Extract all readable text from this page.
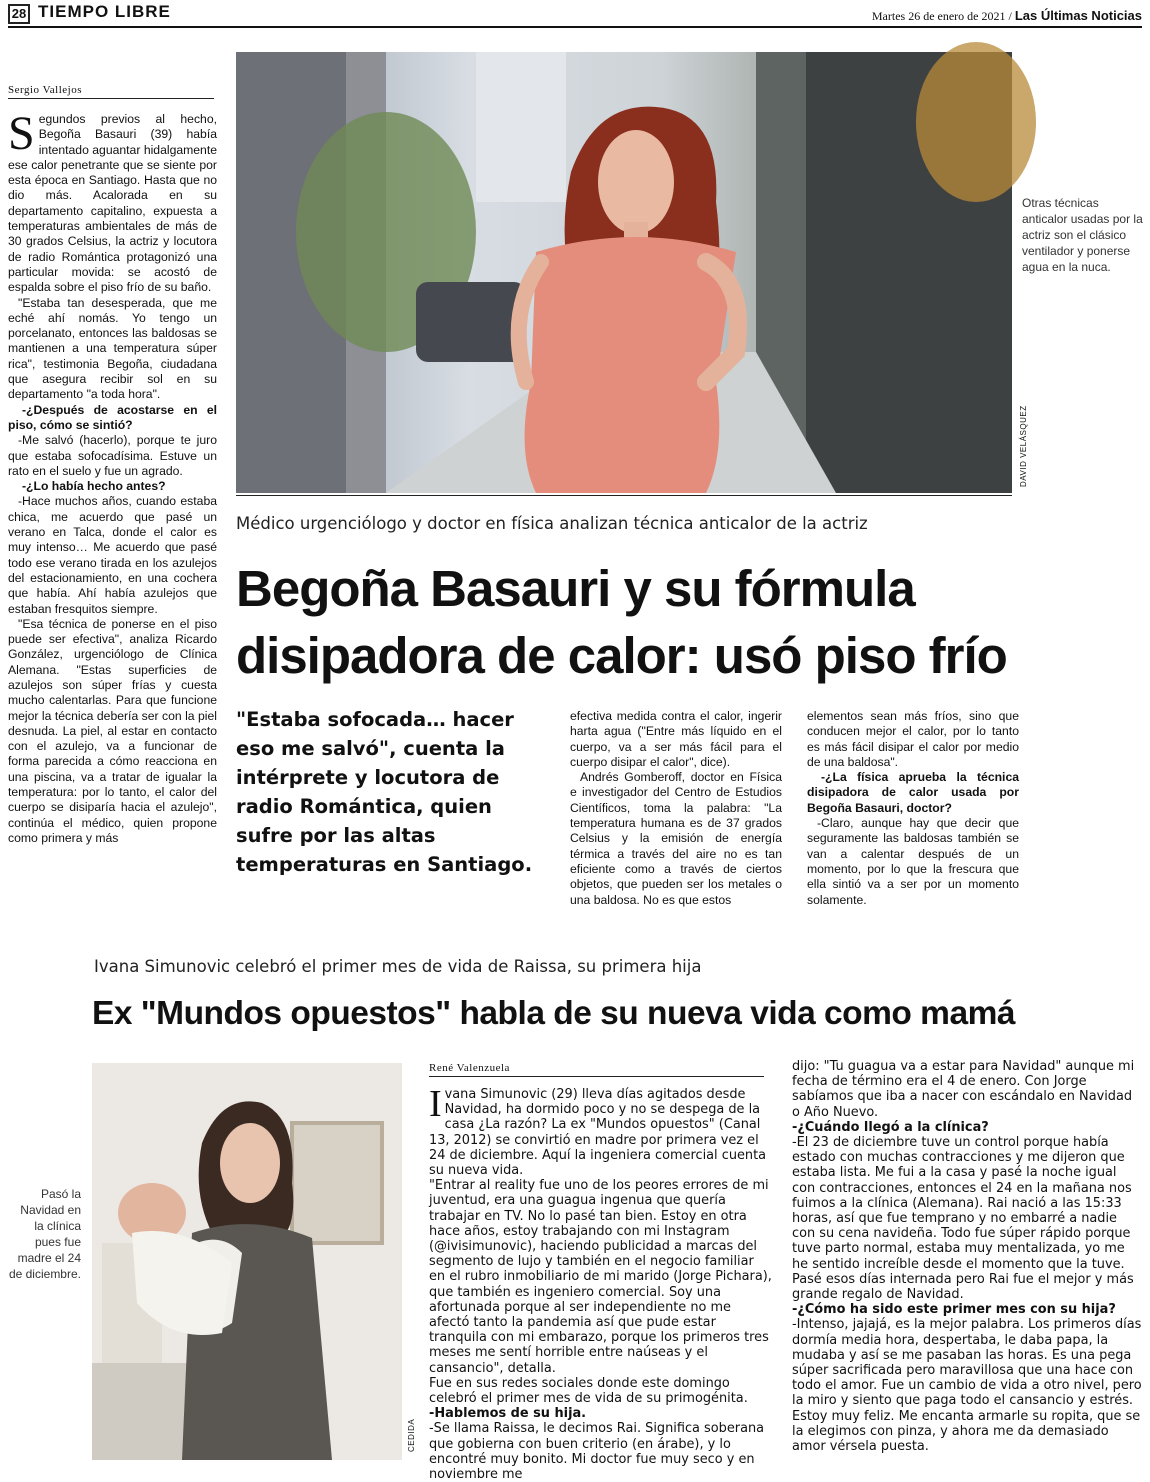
28 TIEMPO LIBRE	Martes 26 de enero de 2021 / Las Últimas Noticias
Sergio Vallejos

Segundos previos al hecho, Begoña Basauri (39) había intentado aguantar hidalgamente ese calor penetrante que se siente por esta época en Santiago. Hasta que no dio más. Acalorada en su departamento capitalino, expuesta a temperaturas ambientales de más de 30 grados Celsius, la actriz y locutora de radio Romántica protagonizó una particular movida: se acostó de espalda sobre el piso frío de su baño.

"Estaba tan desesperada, que me eché ahí nomás. Yo tengo un porcelanato, entonces las baldosas se mantienen a una temperatura súper rica", testimonia Begoña, ciudadana que asegura recibir sol en su departamento "a toda hora".

-¿Después de acostarse en el piso, cómo se sintió?

-Me salvó (hacerlo), porque te juro que estaba sofocadísima. Estuve un rato en el suelo y fue un agrado.

-¿Lo había hecho antes?

-Hace muchos años, cuando estaba chica, me acuerdo que pasé un verano en Talca, donde el calor es muy intenso… Me acuerdo que pasé todo ese verano tirada en los azulejos del estacionamiento, en una cochera que había. Ahí había azulejos que estaban fresquitos siempre.

"Esa técnica de ponerse en el piso puede ser efectiva", analiza Ricardo González, urgenciólogo de Clínica Alemana. "Estas superficies de azulejos son súper frías y cuesta mucho calentarlas. Para que funcione mejor la técnica debería ser con la piel desnuda. La piel, al estar en contacto con el azulejo, va a funcionar de forma parecida a cómo reacciona en una piscina, va a tratar de igualar la temperatura: por lo tanto, el calor del cuerpo se disiparía hacia el azulejo", continúa el médico, quien propone como primera y más

DAVID VELÁSQUEZ
Otras técnicas anticalor usadas por la actriz son el clásico ventilador y ponerse agua en la nuca.
Médico urgenciólogo y doctor en física analizan técnica anticalor de la actriz
Begoña Basauri y su fórmula
disipadora de calor: usó piso frío
"Estaba sofocada… hacer eso me salvó", cuenta la intérprete y locutora de radio Romántica, quien sufre por las altas temperaturas en Santiago.

efectiva medida contra el calor, ingerir harta agua ("Entre más líquido en el cuerpo, va a ser más fácil para el cuerpo disipar el calor", dice).

Andrés Gomberoff, doctor en Física e investigador del Centro de Estudios Científicos, toma la palabra: "La temperatura humana es de 37 grados Celsius y la emisión de energía térmica a través del aire no es tan eficiente como a través de ciertos objetos, que pueden ser los metales o una baldosa. No es que estos

elementos sean más fríos, sino que conducen mejor el calor, por lo tanto es más fácil disipar el calor por medio de una baldosa".

-¿La física aprueba la técnica disipadora de calor usada por Begoña Basauri, doctor?

-Claro, aunque hay que decir que seguramente las baldosas también se van a calentar después de un momento, por lo que la frescura que ella sintió va a ser por un momento solamente.

Ivana Simunovic celebró el primer mes de vida de Raissa, su primera hija
Ex "Mundos opuestos" habla de su nueva vida como mamá
Pasó la Navidad en la clínica pues fue madre el 24 de diciembre.
CEDIDA
René Valenzuela

Ivana Simunovic (29) lleva días agitados desde Navidad, ha dormido poco y no se despega de la casa ¿La razón? La ex "Mundos opuestos" (Canal 13, 2012) se convirtió en madre por primera vez el 24 de diciembre. Aquí la ingeniera comercial cuenta su nueva vida.

"Entrar al reality fue uno de los peores errores de mi juventud, era una guagua ingenua que quería trabajar en TV. No lo pasé tan bien. Estoy en otra hace años, estoy trabajando con mi Instagram (@ivisimunovic), haciendo publicidad a marcas del segmento de lujo y también en el negocio familiar en el rubro inmobiliario de mi marido (Jorge Pichara), que también es ingeniero comercial. Soy una afortunada porque al ser independiente no me afectó tanto la pandemia así que pude estar tranquila con mi embarazo, porque los primeros tres meses me sentí horrible entre naúseas y el cansancio", detalla.

Fue en sus redes sociales donde este domingo celebró el primer mes de vida de su primogénita.

-Hablemos de su hija.

-Se llama Raissa, le decimos Rai. Significa soberana que gobierna con buen criterio (en árabe), y lo encontré muy bonito. Mi doctor fue muy seco y en noviembre me

dijo: "Tu guagua va a estar para Navidad" aunque mi fecha de término era el 4 de enero. Con Jorge sabíamos que iba a nacer con escándalo en Navidad o Año Nuevo.

-¿Cuándo llegó a la clínica?

-El 23 de diciembre tuve un control porque había estado con muchas contracciones y me dijeron que estaba lista. Me fui a la casa y pasé la noche igual con contracciones, entonces el 24 en la mañana nos fuimos a la clínica (Alemana). Rai nació a las 15:33 horas, así que fue temprano y no embarré a nadie con su cena navideña. Todo fue súper rápido porque tuve parto normal, estaba muy mentalizada, yo me he sentido increíble desde el momento que la tuve. Pasé esos días internada pero Rai fue el mejor y más grande regalo de Navidad.

-¿Cómo ha sido este primer mes con su hija?

-Intenso, jajajá, es la mejor palabra. Los primeros días dormía media hora, despertaba, le daba papa, la mudaba y así se me pasaban las horas. Es una pega súper sacrificada pero maravillosa que una hace con todo el amor. Fue un cambio de vida a otro nivel, pero la miro y siento que paga todo el cansancio y estrés. Estoy muy feliz. Me encanta armarle su ropita, que se la elegimos con pinza, y ahora me da demasiado amor vérsela puesta.
